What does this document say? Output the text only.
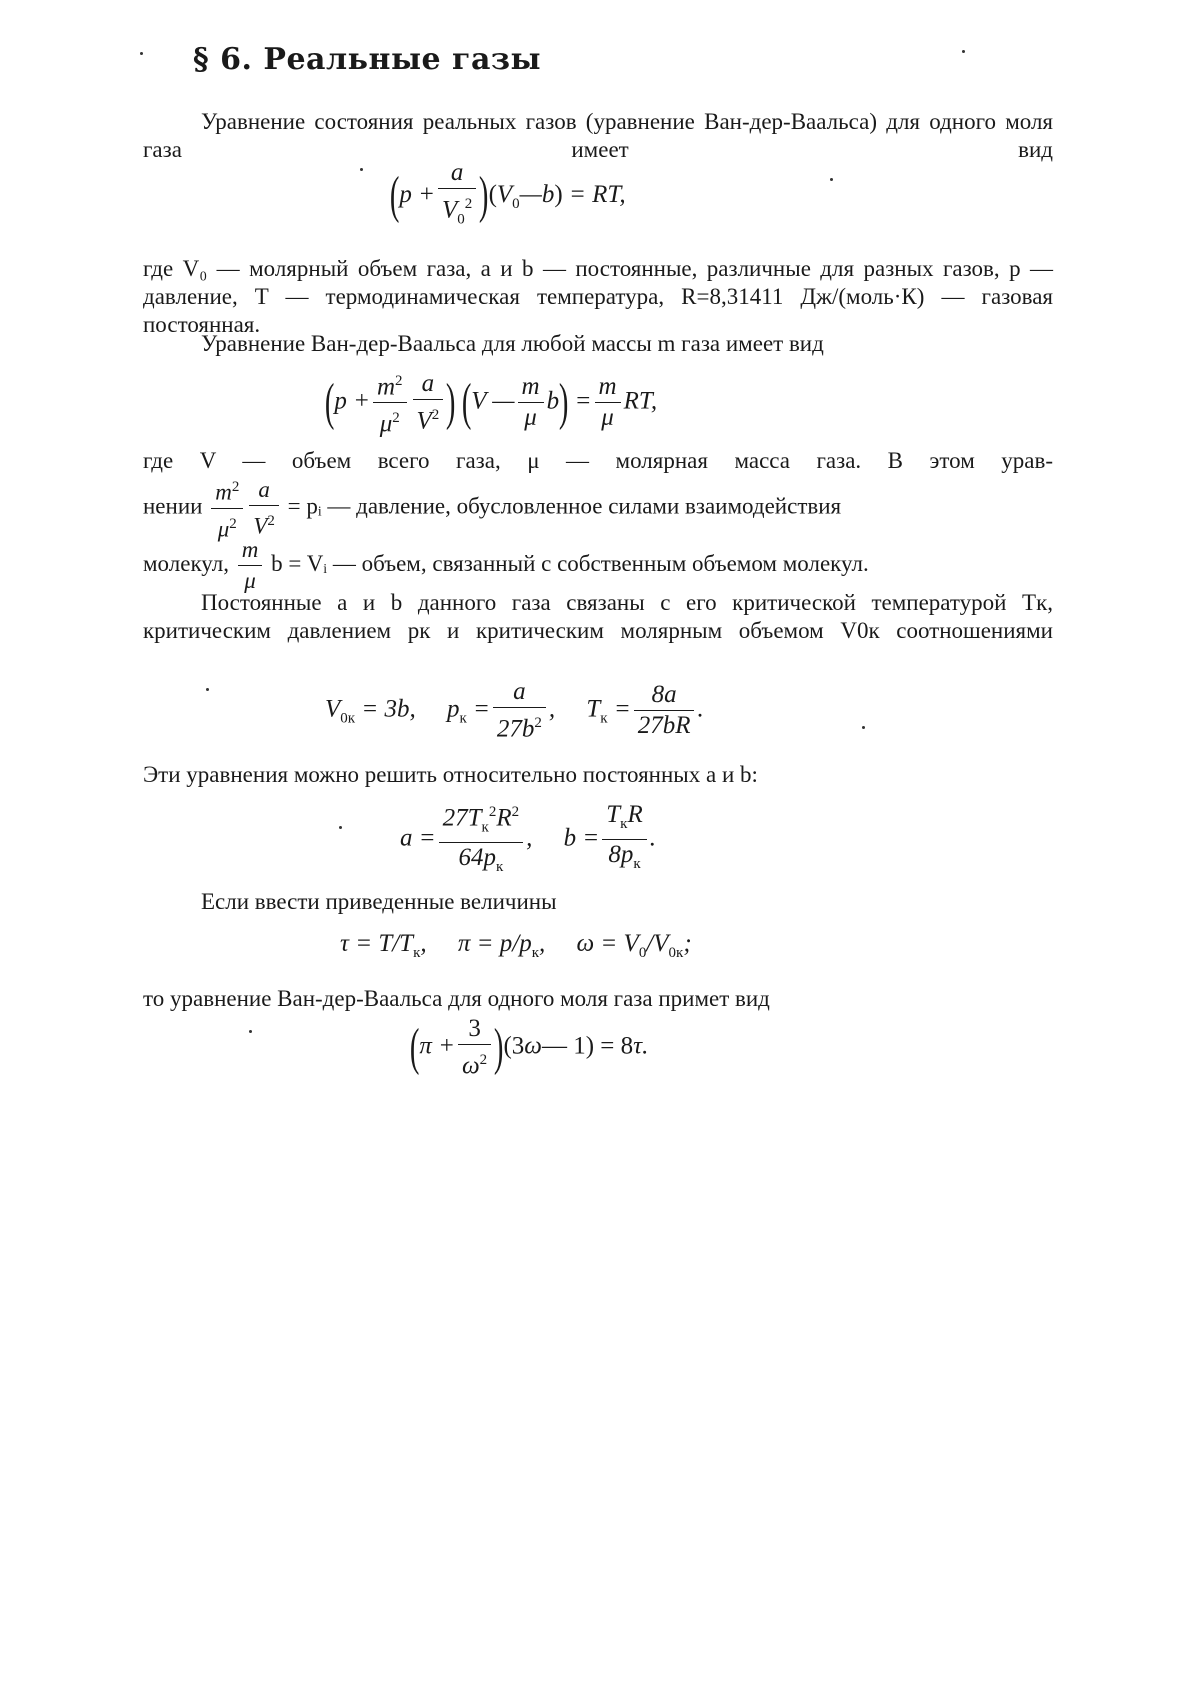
§ 6. Реальные газы

Уравнение состояния реальных газов (уравнение Ван-дер-Ваальса) для одного моля газа имеет вид

($p + \frac{a}{V_0^2}$ )$(V_0—b)$ = RT,

где V₀ — молярный объем газа, a и b — постоянные, различные для разных газов, p — давление, T — термодинамическая температура, R=8,31411 Дж/(моль·К) — газовая постоянная.

Уравнение Ван-дер-Ваальса для любой массы m газа имеет вид

($p + \frac{m^2}{\mu^2} \frac{a}{V^2}$ ) (V — $\frac{m}{\mu} b) = \frac{m}{\mu}$ RT,

где V — объем всего газа, μ — молярная масса газа. В этом урав-

нении $\frac{m^2}{\mu^2} \frac{a}{V^2}$ = pᵢ — давление, обусловленное силами взаимодействия
молекул, $\frac{m}{\mu}$ b = Vᵢ — объем, связанный с собственным объемом молекул.

Постоянные a и b данного газа связаны с его критической температурой Tк, критическим давлением pк и критическим молярным объемом V0к соотношениями

$V_{0к} = 3b$,     $p_к = \frac{a}{27b^2}$ ,     $T_к = \frac{8a}{27bR}$ .

Эти уравнения можно решить относительно постоянных a и b:

$a = \frac{27T_к^2R^2}{64p_к}$ ,     $b = \frac{T_кR}{8p_к}$ .

Если ввести приведенные величины

$\tau = T/T_к$,     $\pi = p/p_к$,     $\omega = V_0/V_{0к}$;

то уравнение Ван-дер-Ваальса для одного моля газа примет вид

($\pi + \frac{3}{\omega^2}$ )(3ω— 1) = 8τ.
